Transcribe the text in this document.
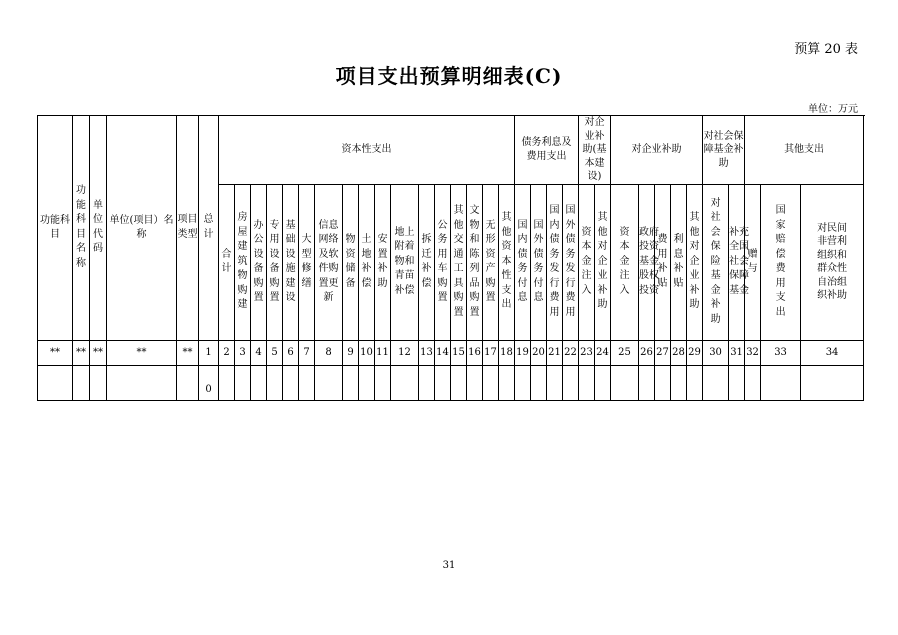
预算 20 表
项目支出预算明细表(C)
单位：万元
功能科目	功能科目名称	单位代码	单位(项目）名称	项目类型	总计	资本性支出																	债务利息及费用支出				对企业补助(基本建设)		对企业补助					对社会保障基金补助		其他支出			
						合计	房屋建筑物购建	办公设备购置	专用设备购置	基础设施建设	大型修缮	信息网络及软件购置更新	物资储备	土地补偿	安置补助	地上附着物和青苗补偿	拆迁补偿	公务用车购置	其他交通工具购置	文物和陈列品购置	无形资产购置	其他资本性支出	国内债务付息	国外债务付息	国内债务发行费用	国外债务发行费用	资本金注入	其他对企业补助	资本金注入	政府投资基金股权投资	费用补贴	利息补贴	其他对企业补助	对社会保险基金补助	补充全国社会保障基金	赠与	国家赔偿费用支出	对民间非营利组织和群众性自治组织补助	
**	**	**	**	**	1	2	3	4	5	6	7	8	9	10	11	12	13	14	15	16	17	18	19	20	21	22	23	24	25	26	27	28	29	30	31	32	33	34	
					0																																		
31
